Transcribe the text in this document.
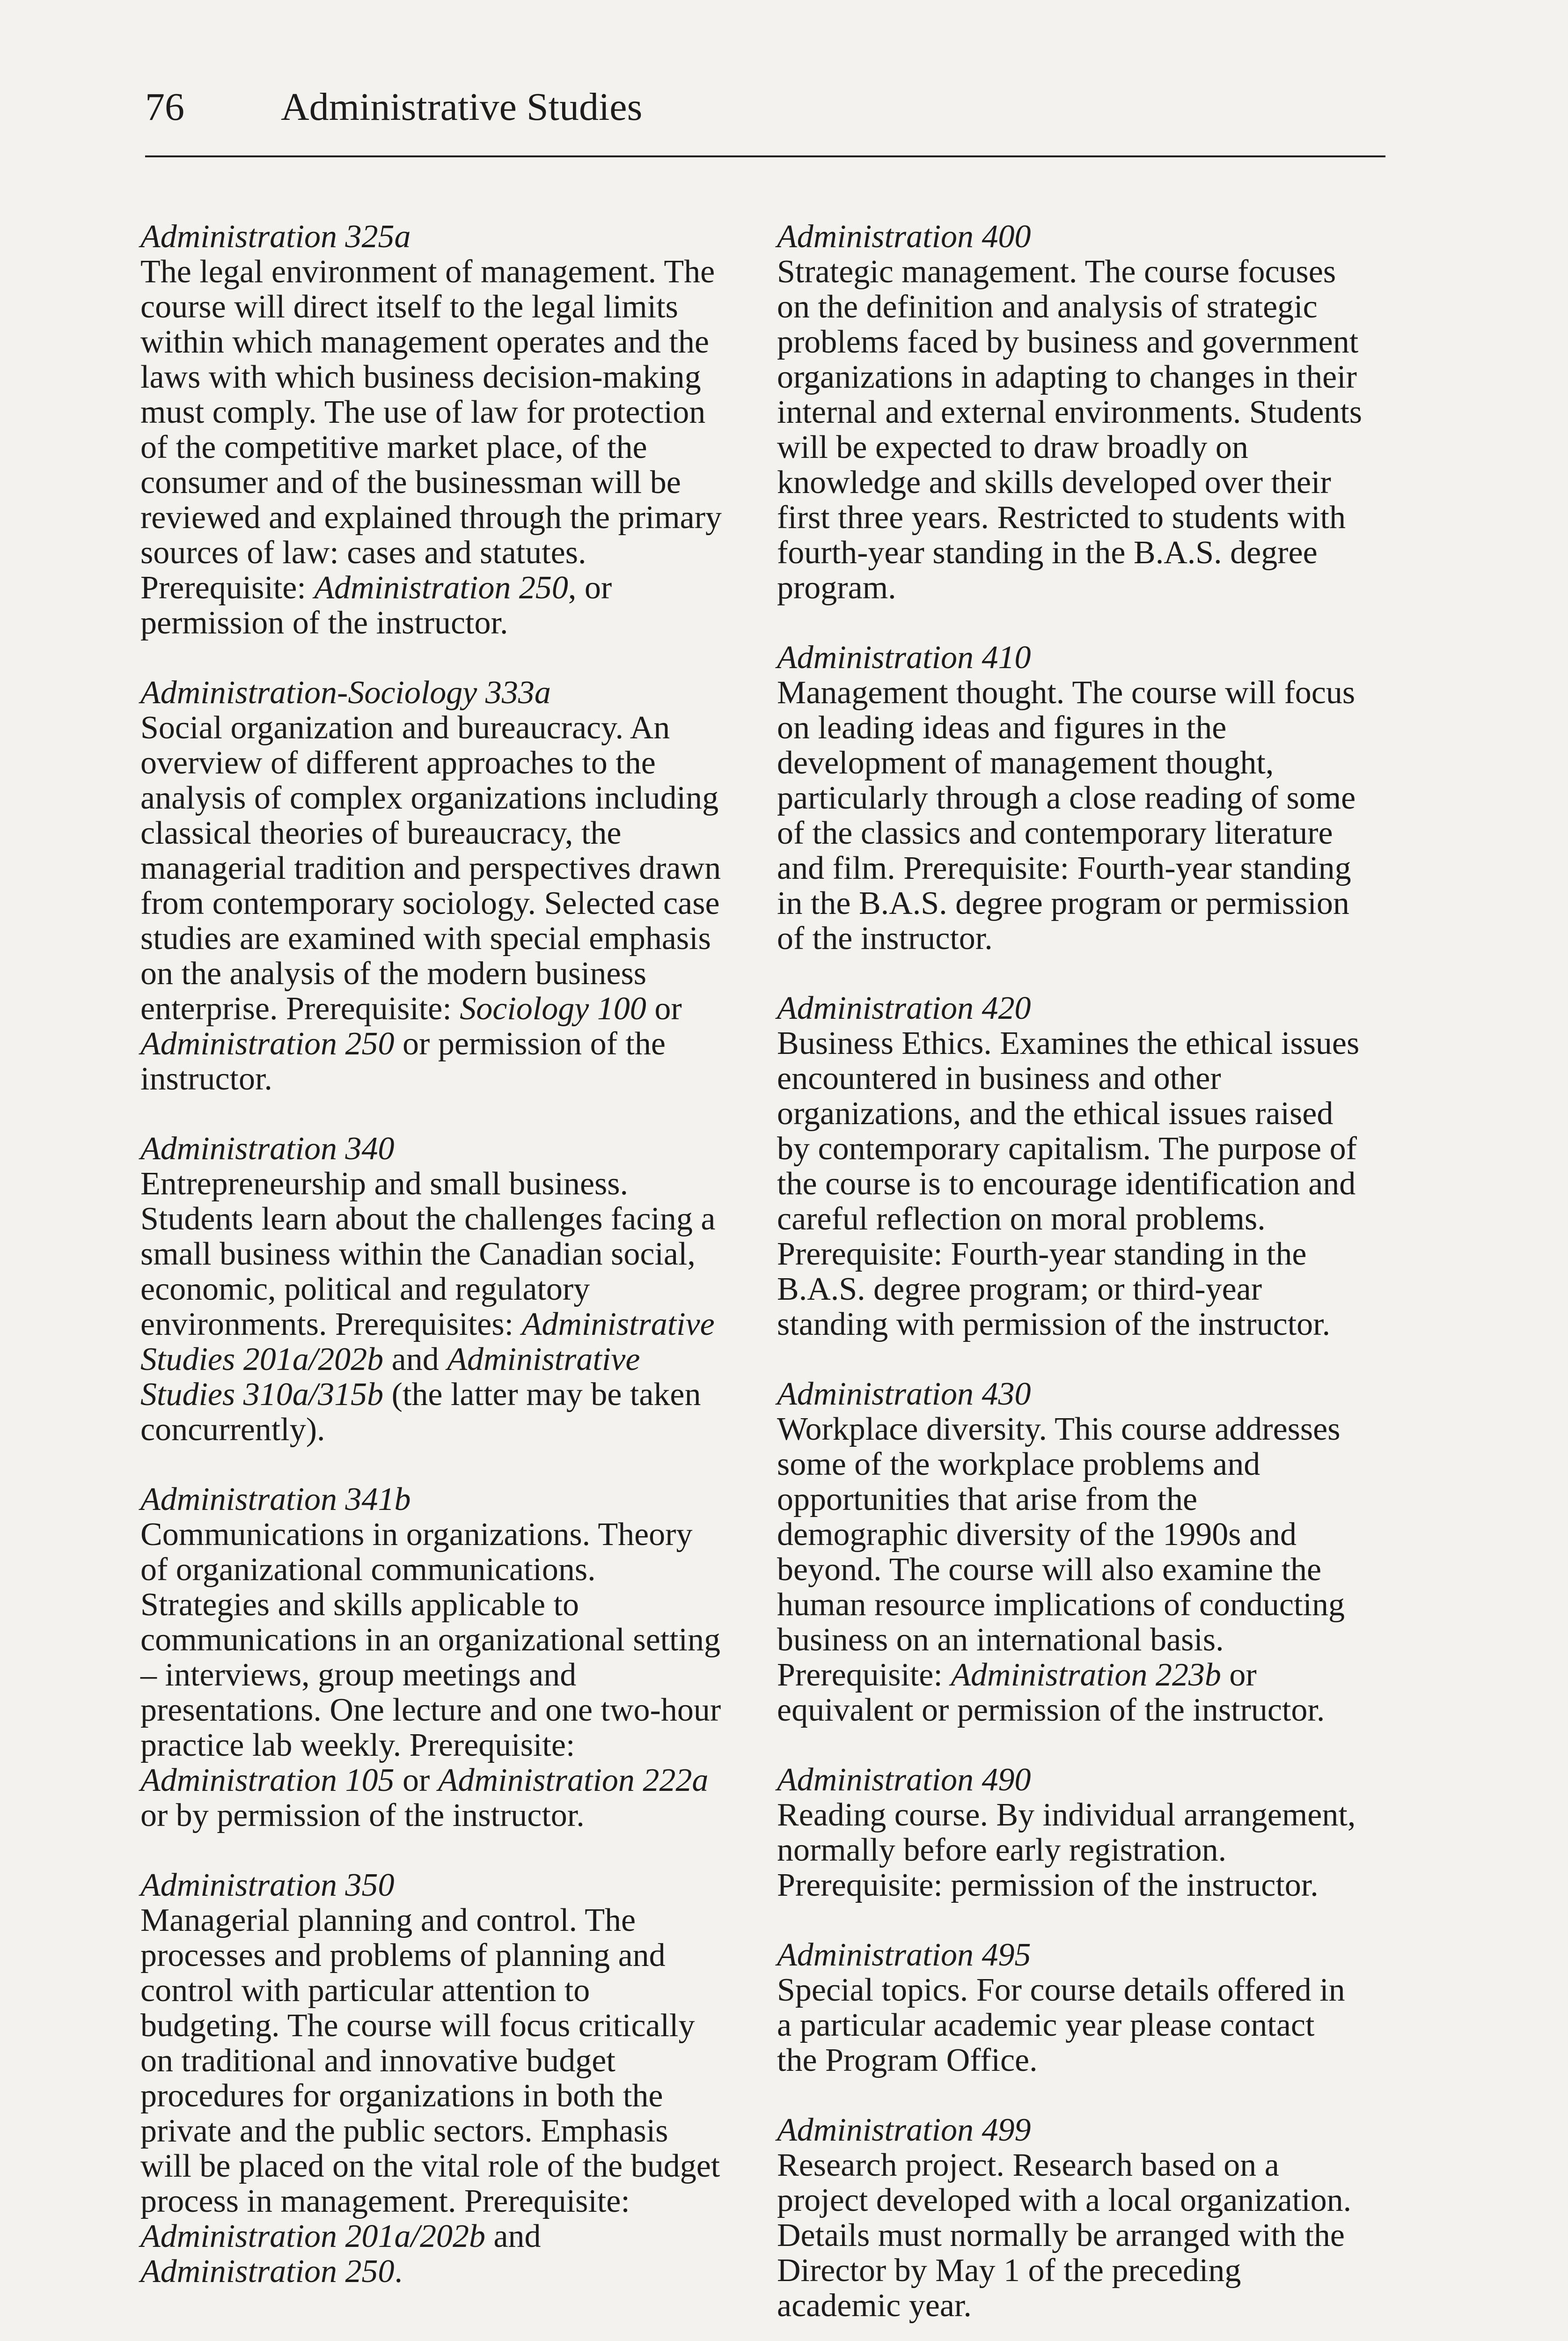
76 Administrative Studies

Administration 325a

The legal environment of management. The course will direct itself to the legal limits within which management operates and the laws with which business decision-making must comply. The use of law for protection of the competitive market place, of the consumer and of the businessman will be reviewed and explained through the primary sources of law: cases and statutes. Prerequisite: Administration 250, or permission of the instructor.

Administration-Sociology 333a

Social organization and bureaucracy. An overview of different approaches to the analysis of complex organizations including classical theories of bureaucracy, the managerial tradition and perspectives drawn from contemporary sociology. Selected case studies are examined with special emphasis on the analysis of the modern business enterprise. Prerequisite: Sociology 100 or Administration 250 or permission of the instructor.

Administration 340

Entrepreneurship and small business. Students learn about the challenges facing a small business within the Canadian social, economic, political and regulatory environments. Prerequisites: Administrative Studies 201a/202b and Administrative Studies 310a/315b (the latter may be taken concurrently).

Administration 341b

Communications in organizations. Theory of organizational communications. Strategies and skills applicable to communications in an organizational setting – interviews, group meetings and presentations. One lecture and one two-hour practice lab weekly. Prerequisite: Administration 105 or Administration 222a or by permission of the instructor.

Administration 350

Managerial planning and control. The processes and problems of planning and control with particular attention to budgeting. The course will focus critically on traditional and innovative budget procedures for organizations in both the private and the public sectors. Emphasis will be placed on the vital role of the budget process in management. Prerequisite: Administration 201a/202b and Administration 250.

Administration 400

Strategic management. The course focuses on the definition and analysis of strategic problems faced by business and government organizations in adapting to changes in their internal and external environments. Students will be expected to draw broadly on knowledge and skills developed over their first three years. Restricted to students with fourth-year standing in the B.A.S. degree program.

Administration 410

Management thought. The course will focus on leading ideas and figures in the development of management thought, particularly through a close reading of some of the classics and contemporary literature and film. Prerequisite: Fourth-year standing in the B.A.S. degree program or permission of the instructor.

Administration 420

Business Ethics. Examines the ethical issues encountered in business and other organizations, and the ethical issues raised by contemporary capitalism. The purpose of the course is to encourage identification and careful reflection on moral problems. Prerequisite: Fourth-year standing in the B.A.S. degree program; or third-year standing with permission of the instructor.

Administration 430

Workplace diversity. This course addresses some of the workplace problems and opportunities that arise from the demographic diversity of the 1990s and beyond. The course will also examine the human resource implications of conducting business on an international basis. Prerequisite: Administration 223b or equivalent or permission of the instructor.

Administration 490

Reading course. By individual arrangement, normally before early registration. Prerequisite: permission of the instructor.

Administration 495

Special topics. For course details offered in a particular academic year please contact the Program Office.

Administration 499

Research project. Research based on a project developed with a local organization. Details must normally be arranged with the Director by May 1 of the preceding academic year.
